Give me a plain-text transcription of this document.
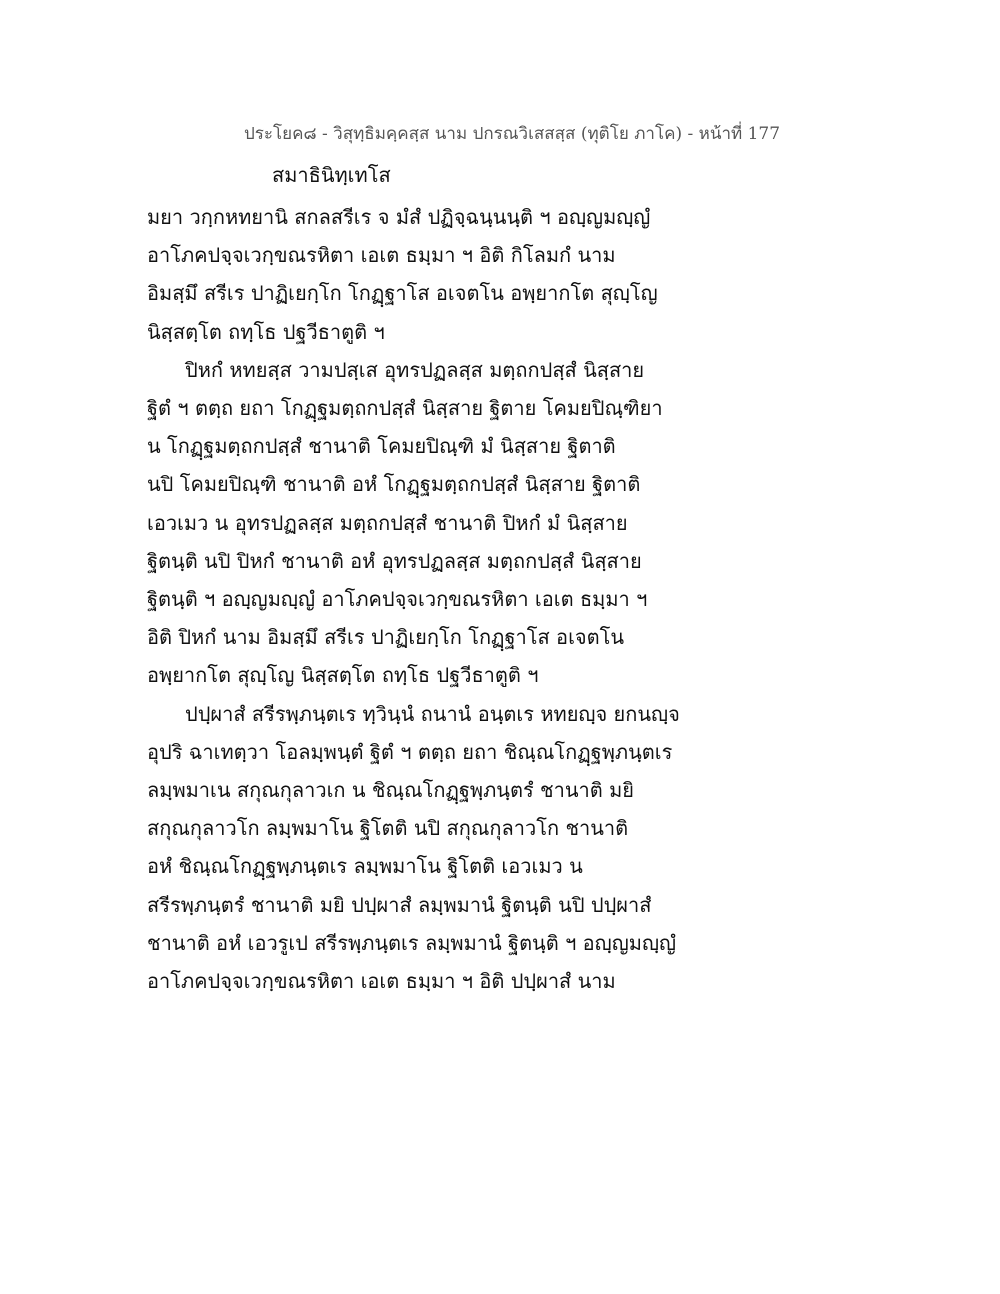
ประโยค๘ - วิสุทฺธิมคฺคสฺส นาม ปกรณวิเสสสฺส (ทุติโย ภาโค) - หน้าที่ 177
สมาธินิทฺเทโส
มยา วกฺกหทยานิ สกลสรีเร จ มํสํ ปฏิจฺฉนฺนนฺติ ฯ อญฺญมญฺญํ
อาโภคปจฺจเวกฺขณรหิตา เอเต ธมฺมา ฯ อิติ กิโลมกํ นาม
อิมสฺมึ สรีเร ปาฏิเยกฺโก โกฏฺฐาโส อเจตโน อพฺยากโต สุญฺโญ
นิสฺสตฺโต ถทฺโธ ปฐวีธาตูติ ฯ
ปิหกํ หทยสฺส วามปสฺเส อุทรปฏลสฺส มตฺถกปสฺสํ นิสฺสาย
ฐิตํ ฯ ตตฺถ ยถา โกฏฺฐมตฺถกปสฺสํ นิสฺสาย ฐิตาย โคมยปิณฺฑิยา
น โกฏฺฐมตฺถกปสฺสํ ชานาติ โคมยปิณฺฑิ มํ นิสฺสาย ฐิตาติ
นปิ โคมยปิณฺฑิ ชานาติ อหํ โกฏฺฐมตฺถกปสฺสํ นิสฺสาย ฐิตาติ
เอวเมว น อุทรปฏลสฺส มตฺถกปสฺสํ ชานาติ ปิหกํ มํ นิสฺสาย
ฐิตนฺติ นปิ ปิหกํ ชานาติ อหํ อุทรปฏลสฺส มตฺถกปสฺสํ นิสฺสาย
ฐิตนฺติ ฯ อญฺญมญฺญํ อาโภคปจฺจเวกฺขณรหิตา เอเต ธมฺมา ฯ
อิติ ปิหกํ นาม อิมสฺมึ สรีเร ปาฏิเยกฺโก โกฏฺฐาโส อเจตโน
อพฺยากโต สุญฺโญ นิสฺสตฺโต ถทฺโธ ปฐวีธาตูติ ฯ
ปปฺผาสํ สรีรพฺภนฺตเร ทฺวินฺนํ ถนานํ อนฺตเร หทยญฺจ ยกนญฺจ
อุปริ ฉาเทตฺวา โอลมฺพนฺตํ ฐิตํ ฯ ตตฺถ ยถา ชิณฺณโกฏฺฐพฺภนฺตเร
ลมฺพมาเน สกุณกุลาวเก น ชิณฺณโกฏฺฐพฺภนฺตรํ ชานาติ มยิ
สกุณกุลาวโก ลมฺพมาโน ฐิโตติ นปิ สกุณกุลาวโก ชานาติ
อหํ ชิณฺณโกฏฺฐพฺภนฺตเร ลมฺพมาโน ฐิโตติ เอวเมว น
สรีรพฺภนฺตรํ ชานาติ มยิ ปปฺผาสํ ลมฺพมานํ ฐิตนฺติ นปิ ปปฺผาสํ
ชานาติ อหํ เอวรูเป สรีรพฺภนฺตเร ลมฺพมานํ ฐิตนฺติ ฯ อญฺญมญฺญํ
อาโภคปจฺจเวกฺขณรหิตา เอเต ธมฺมา ฯ อิติ ปปฺผาสํ นาม
